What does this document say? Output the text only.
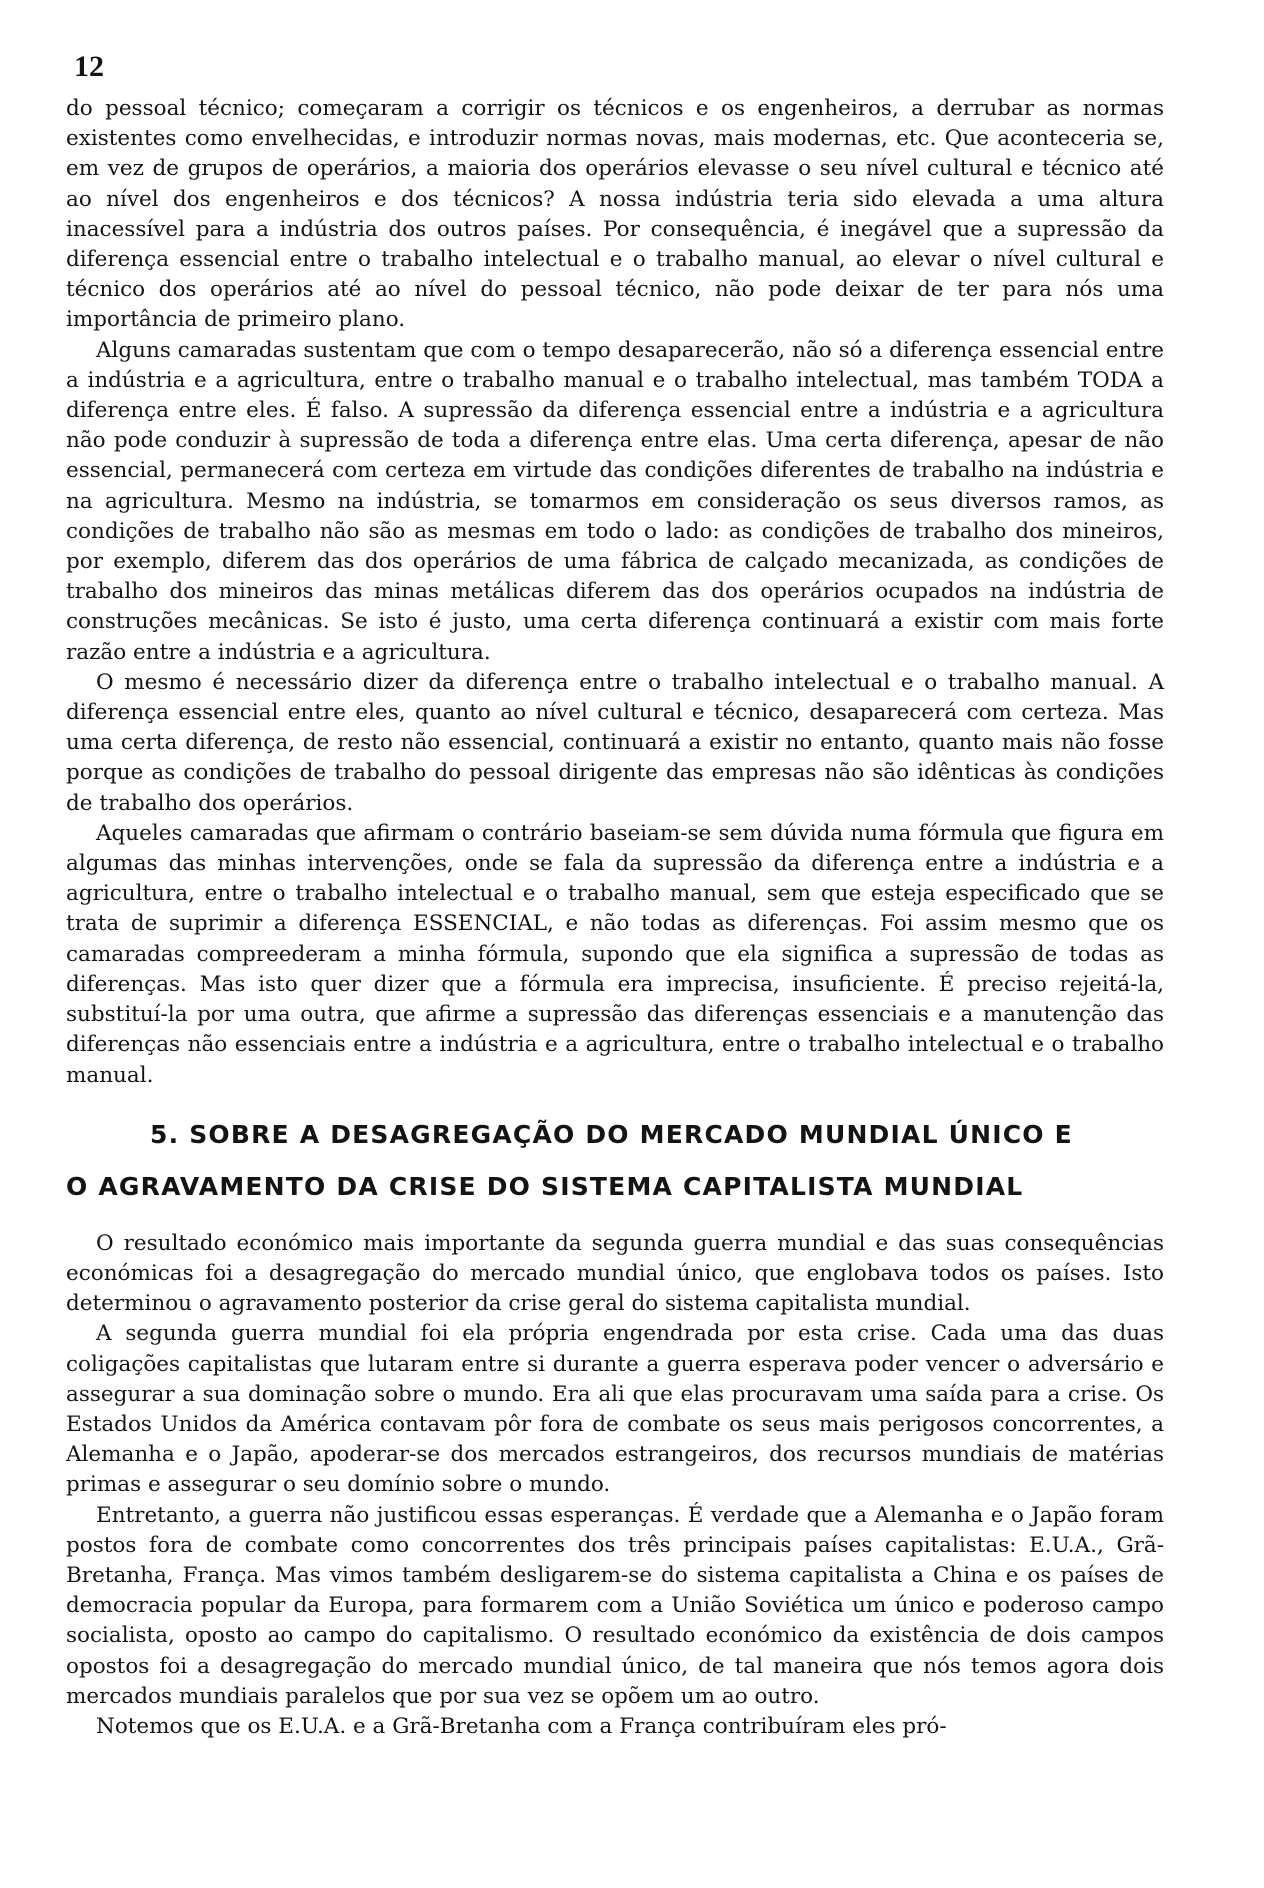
12

do pessoal técnico; começaram a corrigir os técnicos e os engenheiros, a derrubar as normas existentes como envelhecidas, e introduzir normas novas, mais modernas, etc. Que aconteceria se, em vez de grupos de operários, a maioria dos operários elevasse o seu nível cultural e técnico até ao nível dos engenheiros e dos técnicos? A nossa indústria teria sido elevada a uma altura inacessível para a indústria dos outros países. Por consequência, é inegável que a supressão da diferença essencial entre o trabalho intelectual e o trabalho manual, ao elevar o nível cultural e técnico dos operários até ao nível do pessoal técnico, não pode deixar de ter para nós uma importância de primeiro plano.

Alguns camaradas sustentam que com o tempo desaparecerão, não só a diferença essencial entre a indústria e a agricultura, entre o trabalho manual e o trabalho intelectual, mas também TODA a diferença entre eles. É falso. A supressão da diferença essencial entre a indústria e a agricultura não pode conduzir à supressão de toda a diferença entre elas. Uma certa diferença, apesar de não essencial, permanecerá com certeza em virtude das condições diferentes de trabalho na indústria e na agricultura. Mesmo na indústria, se tomarmos em consideração os seus diversos ramos, as condições de trabalho não são as mesmas em todo o lado: as condições de trabalho dos mineiros, por exemplo, diferem das dos operários de uma fábrica de calçado mecanizada, as condições de trabalho dos mineiros das minas metálicas diferem das dos operários ocupados na indústria de construções mecânicas. Se isto é justo, uma certa diferença continuará a existir com mais forte razão entre a indústria e a agricultura.

O mesmo é necessário dizer da diferença entre o trabalho intelectual e o trabalho manual. A diferença essencial entre eles, quanto ao nível cultural e técnico, desaparecerá com certeza. Mas uma certa diferença, de resto não essencial, continuará a existir no entanto, quanto mais não fosse porque as condições de trabalho do pessoal dirigente das empresas não são idênticas às condições de trabalho dos operários.

Aqueles camaradas que afirmam o contrário baseiam-se sem dúvida numa fórmula que figura em algumas das minhas intervenções, onde se fala da supressão da diferença entre a indústria e a agricultura, entre o trabalho intelectual e o trabalho manual, sem que esteja especificado que se trata de suprimir a diferença ESSENCIAL, e não todas as diferenças. Foi assim mesmo que os camaradas compreederam a minha fórmula, supondo que ela significa a supressão de todas as diferenças. Mas isto quer dizer que a fórmula era imprecisa, insuficiente. É preciso rejeitá-la, substituí-la por uma outra, que afirme a supressão das diferenças essenciais e a manutenção das diferenças não essenciais entre a indústria e a agricultura, entre o trabalho intelectual e o trabalho manual.

5. SOBRE A DESAGREGAÇÃO DO MERCADO MUNDIAL ÚNICO E
O AGRAVAMENTO DA CRISE DO SISTEMA CAPITALISTA MUNDIAL

O resultado económico mais importante da segunda guerra mundial e das suas consequências económicas foi a desagregação do mercado mundial único, que englobava todos os países. Isto determinou o agravamento posterior da crise geral do sistema capitalista mundial.

A segunda guerra mundial foi ela própria engendrada por esta crise. Cada uma das duas coligações capitalistas que lutaram entre si durante a guerra esperava poder vencer o adversário e assegurar a sua dominação sobre o mundo. Era ali que elas procuravam uma saída para a crise. Os Estados Unidos da América contavam pôr fora de combate os seus mais perigosos concorrentes, a Alemanha e o Japão, apoderar-se dos mercados estrangeiros, dos recursos mundiais de matérias primas e assegurar o seu domínio sobre o mundo.

Entretanto, a guerra não justificou essas esperanças. É verdade que a Alemanha e o Japão foram postos fora de combate como concorrentes dos três principais países capitalistas: E.U.A., Grã-Bretanha, França. Mas vimos também desligarem-se do sistema capitalista a China e os países de democracia popular da Europa, para formarem com a União Soviética um único e poderoso campo socialista, oposto ao campo do capitalismo. O resultado económico da existência de dois campos opostos foi a desagregação do mercado mundial único, de tal maneira que nós temos agora dois mercados mundiais paralelos que por sua vez se opõem um ao outro.

Notemos que os E.U.A. e a Grã-Bretanha com a França contribuíram eles pró-
